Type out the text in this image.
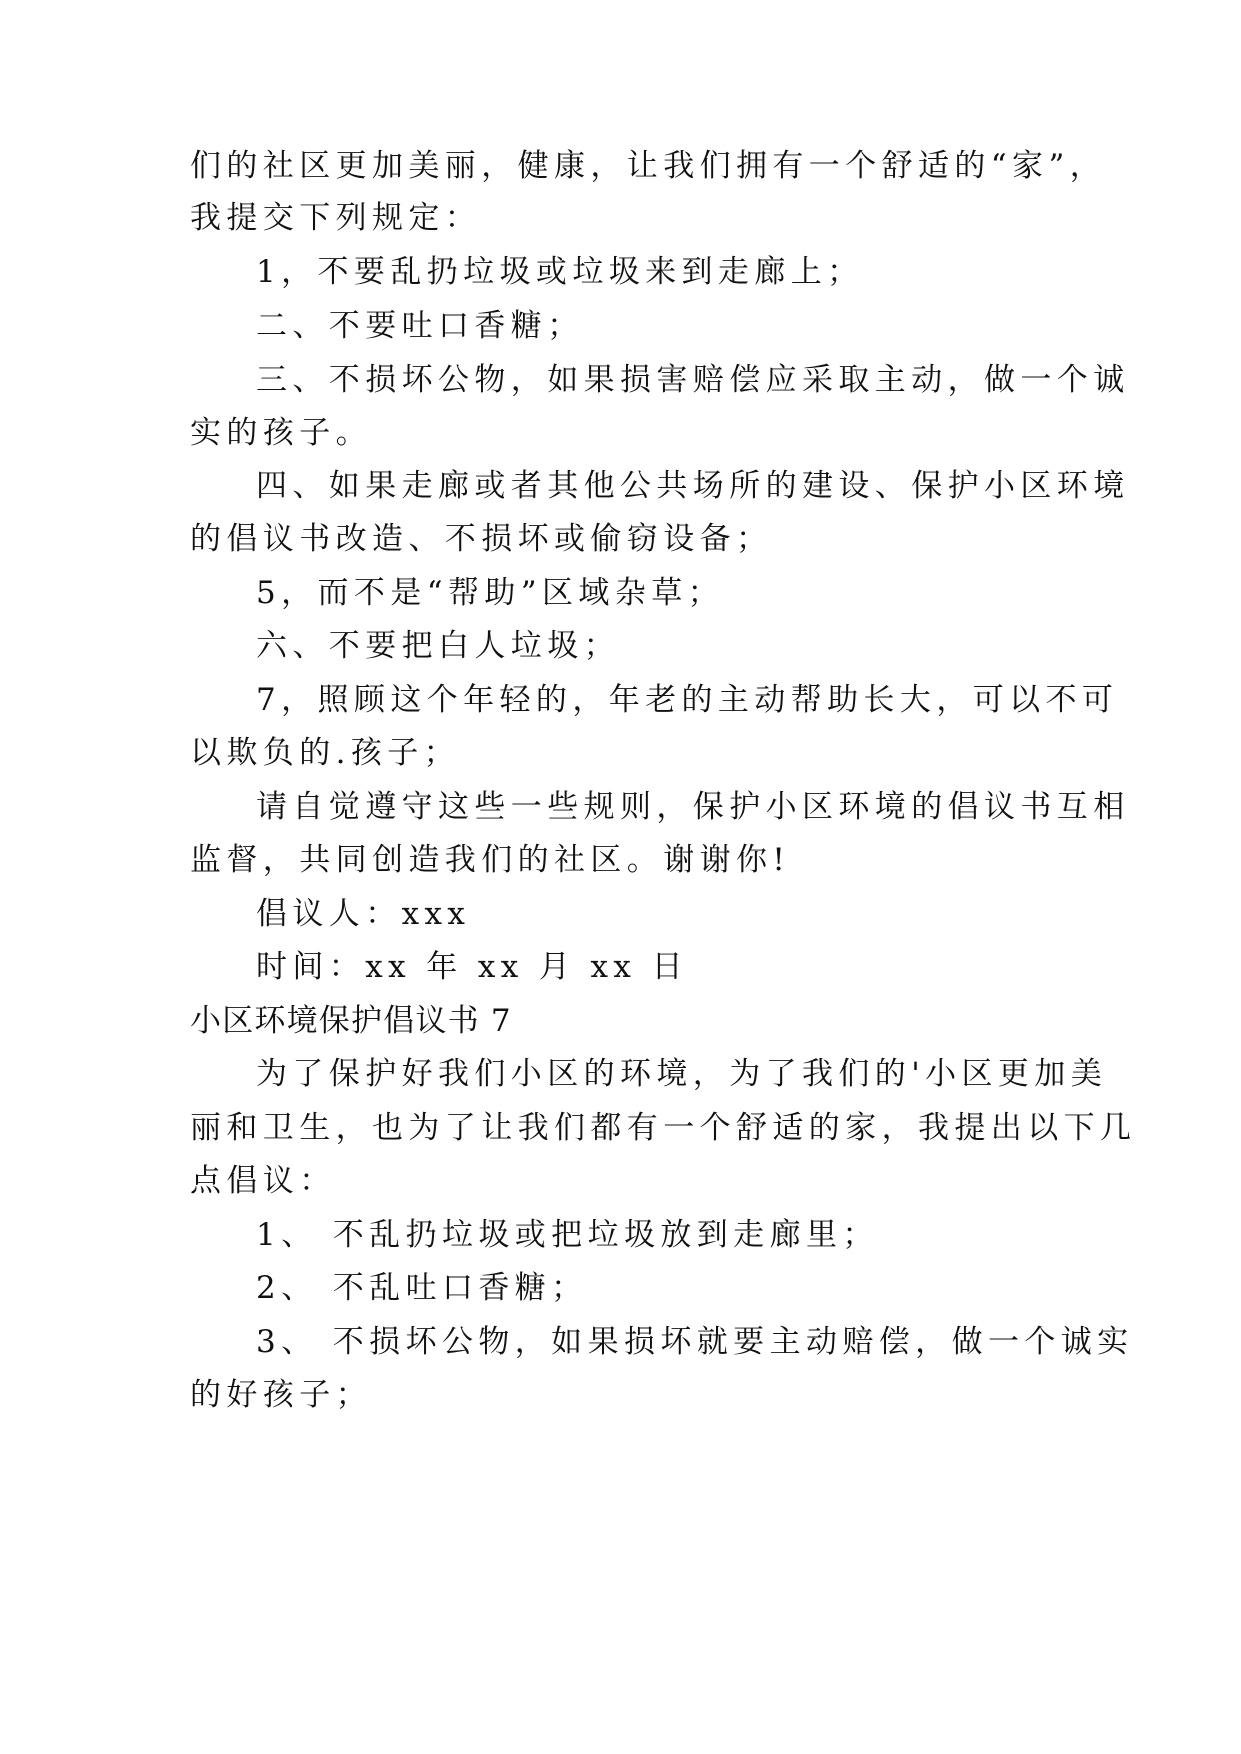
们的社区更加美丽，健康，让我们拥有一个舒适的“家”，
我提交下列规定：
1，不要乱扔垃圾或垃圾来到走廊上；
二、不要吐口香糖；
三、不损坏公物，如果损害赔偿应采取主动，做一个诚
实的孩子。
四、如果走廊或者其他公共场所的建设、保护小区环境
的倡议书改造、不损坏或偷窃设备；
5，而不是“帮助”区域杂草；
六、不要把白人垃圾；
7，照顾这个年轻的，年老的主动帮助长大，可以不可
以欺负的.孩子；
请自觉遵守这些一些规则，保护小区环境的倡议书互相
监督，共同创造我们的社区。谢谢你!
倡议人：xxx
时间：xx 年 xx 月 xx 日
小区环境保护倡议书 7
为了保护好我们小区的环境，为了我们的'小区更加美
丽和卫生，也为了让我们都有一个舒适的家，我提出以下几
点倡议：
1、 不乱扔垃圾或把垃圾放到走廊里；
2、 不乱吐口香糖；
3、 不损坏公物，如果损坏就要主动赔偿，做一个诚实
的好孩子；
